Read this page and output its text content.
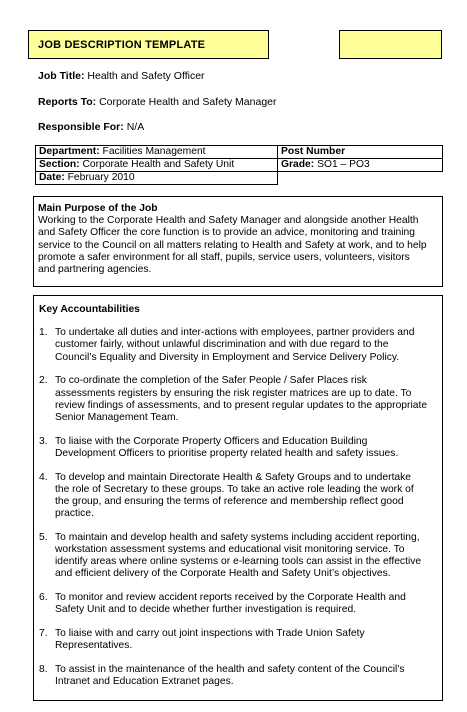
JOB DESCRIPTION TEMPLATE
Job Title: Health and Safety Officer
Reports To: Corporate Health and Safety Manager
Responsible For: N/A
Department: Facilities Management	Post Number
Section: Corporate Health and Safety Unit	Grade: SO1 – PO3
Date: February 2010	
Main Purpose of the Job
Working to the Corporate Health and Safety Manager and alongside another Health
and Safety Officer the core function is to provide an advice, monitoring and training
service to the Council on all matters relating to Health and Safety at work, and to help
promote a safer environment for all staff, pupils, service users, volunteers, visitors
and partnering agencies.
Key Accountabilities
1. To undertake all duties and inter-actions with employees, partner providers and
customer fairly, without unlawful discrimination and with due regard to the
Council’s Equality and Diversity in Employment and Service Delivery Policy.
2. To co-ordinate the completion of the Safer People / Safer Places risk
assessments registers by ensuring the risk register matrices are up to date. To
review findings of assessments, and to present regular updates to the appropriate
Senior Management Team.
3. To liaise with the Corporate Property Officers and Education Building
Development Officers to prioritise property related health and safety issues.
4. To develop and maintain Directorate Health & Safety Groups and to undertake
the role of Secretary to these groups. To take an active role leading the work of
the group, and ensuring the terms of reference and membership reflect good
practice.
5. To maintain and develop health and safety systems including accident reporting,
workstation assessment systems and educational visit monitoring service. To
identify areas where online systems or e-learning tools can assist in the effective
and efficient delivery of the Corporate Health and Safety Unit’s objectives.
6. To monitor and review accident reports received by the Corporate Health and
Safety Unit and to decide whether further investigation is required.
7. To liaise with and carry out joint inspections with Trade Union Safety
Representatives.
8. To assist in the maintenance of the health and safety content of the Council’s
Intranet and Education Extranet pages.
